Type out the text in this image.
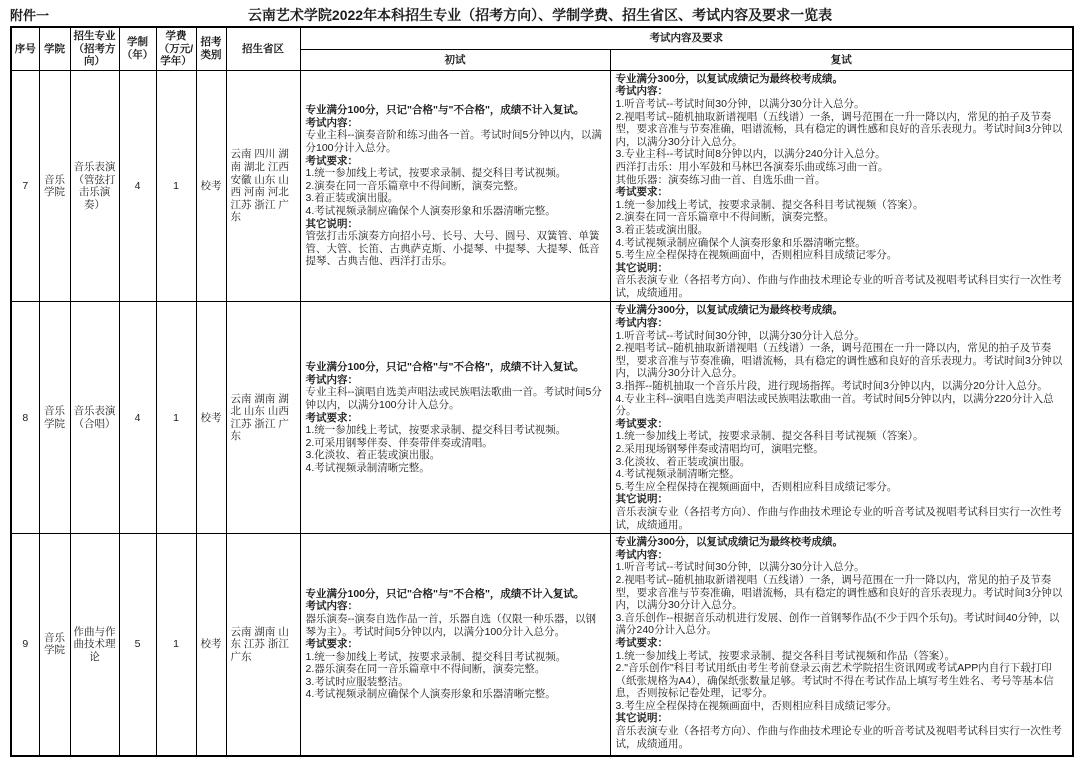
附件一	云南艺术学院2022年本科招生专业（招考方向）、学制学费、招生省区、考试内容及要求一览表
序号	学院	招生专业（招考方向）	学制（年）	学费（万元/学年）	招考类别	招生省区	考试内容及要求	
							初试	复试
7	音乐学院	音乐表演（管弦打击乐演奏）	4	1	校考	云南 四川 湖南 湖北 江西 安徽 山东 山西 河南 河北 江苏 浙江 广东	
专业满分100分，只记"合格"与"不合格"，成绩不计入复试。
考试内容：
专业主科--演奏音阶和练习曲各一首。考试时间5分钟以内，以满分100分计入总分。
考试要求：
1.统一参加线上考试，按要求录制、提交科目考试视频。
2.演奏在同一音乐篇章中不得间断，演奏完整。
3.着正装或演出服。
4.考试视频录制应确保个人演奏形象和乐器清晰完整。
其它说明：
管弦打击乐演奏方向招小号、长号、大号、圆号、双簧管、单簧管、大管、长笛、古典萨克斯、小提琴、中提琴、大提琴、低音提琴、古典吉他、西洋打击乐。

专业满分300分，以复试成绩记为最终校考成绩。
考试内容：
1.听音考试--考试时间30分钟，以满分30分计入总分。
2.视唱考试--随机抽取新谱视唱（五线谱）一条，调号范围在一升一降以内，常见的拍子及节奏型，要求音准与节奏准确，唱谱流畅，具有稳定的调性感和良好的音乐表现力。考试时间3分钟以内，以满分30分计入总分。
3.专业主科--考试时间8分钟以内，以满分240分计入总分。
西洋打击乐：用小军鼓和马林巴各演奏乐曲或练习曲一首。
其他乐器：演奏练习曲一首、自选乐曲一首。
考试要求：
1.统一参加线上考试，按要求录制、提交各科目考试视频（答案）。
2.演奏在同一音乐篇章中不得间断，演奏完整。
3.着正装或演出服。
4.考试视频录制应确保个人演奏形象和乐器清晰完整。
5.考生应全程保持在视频画面中，否则相应科目成绩记零分。
其它说明：
音乐表演专业（各招考方向）、作曲与作曲技术理论专业的听音考试及视唱考试科目实行一次性考试，成绩通用。

8	音乐学院	音乐表演（合唱）	4	1	校考	云南 湖南 湖北 山东 山西 江苏 浙江 广东	
专业满分100分，只记"合格"与"不合格"，成绩不计入复试。
考试内容：
专业主科--演唱自选美声唱法或民族唱法歌曲一首。考试时间5分钟以内，以满分100分计入总分。
考试要求：
1.统一参加线上考试，按要求录制、提交科目考试视频。
2.可采用钢琴伴奏、伴奏带伴奏或清唱。
3.化淡妆、着正装或演出服。
4.考试视频录制清晰完整。

专业满分300分，以复试成绩记为最终校考成绩。
考试内容：
1.听音考试--考试时间30分钟，以满分30分计入总分。
2.视唱考试--随机抽取新谱视唱（五线谱）一条，调号范围在一升一降以内，常见的拍子及节奏型，要求音准与节奏准确，唱谱流畅，具有稳定的调性感和良好的音乐表现力。考试时间3分钟以内，以满分30分计入总分。
3.指挥--随机抽取一个音乐片段，进行现场指挥。考试时间3分钟以内，以满分20分计入总分。
4.专业主科--演唱自选美声唱法或民族唱法歌曲一首。考试时间5分钟以内，以满分220分计入总分。
考试要求：
1.统一参加线上考试，按要求录制、提交各科目考试视频（答案）。
2.采用现场钢琴伴奏或清唱均可，演唱完整。
3.化淡妆、着正装或演出服。
4.考试视频录制清晰完整。
5.考生应全程保持在视频画面中，否则相应科目成绩记零分。
其它说明：
音乐表演专业（各招考方向）、作曲与作曲技术理论专业的听音考试及视唱考试科目实行一次性考试，成绩通用。

9	音乐学院	作曲与作曲技术理论	5	1	校考	云南 湖南 山东 江苏 浙江 广东	
专业满分100分，只记"合格"与"不合格"，成绩不计入复试。
考试内容：
器乐演奏--演奏自选作品一首，乐器自选（仅限一种乐器，以钢琴为主）。考试时间5分钟以内，以满分100分计入总分。
考试要求：
1.统一参加线上考试，按要求录制、提交科目考试视频。
2.器乐演奏在同一音乐篇章中不得间断，演奏完整。
3.考试时应服装整洁。
4.考试视频录制应确保个人演奏形象和乐器清晰完整。

专业满分300分，以复试成绩记为最终校考成绩。
考试内容：
1.听音考试--考试时间30分钟，以满分30分计入总分。
2.视唱考试--随机抽取新谱视唱（五线谱）一条，调号范围在一升一降以内，常见的拍子及节奏型，要求音准与节奏准确，唱谱流畅，具有稳定的调性感和良好的音乐表现力。考试时间3分钟以内，以满分30分计入总分。
3.音乐创作--根据音乐动机进行发展、创作一首钢琴作品(不少于四个乐句)。考试时间40分钟，以满分240分计入总分。
考试要求：
1.统一参加线上考试，按要求录制、提交各科目考试视频和作品（答案）。
2."音乐创作"科目考试用纸由考生考前登录云南艺术学院招生资讯网或考试APP内自行下载打印（纸张规格为A4），确保纸张数量足够。考试时不得在考试作品上填写考生姓名、考号等基本信息，否则按标记卷处理，记零分。
3.考生应全程保持在视频画面中，否则相应科目成绩记零分。
其它说明：
音乐表演专业（各招考方向）、作曲与作曲技术理论专业的听音考试及视唱考试科目实行一次性考试，成绩通用。
